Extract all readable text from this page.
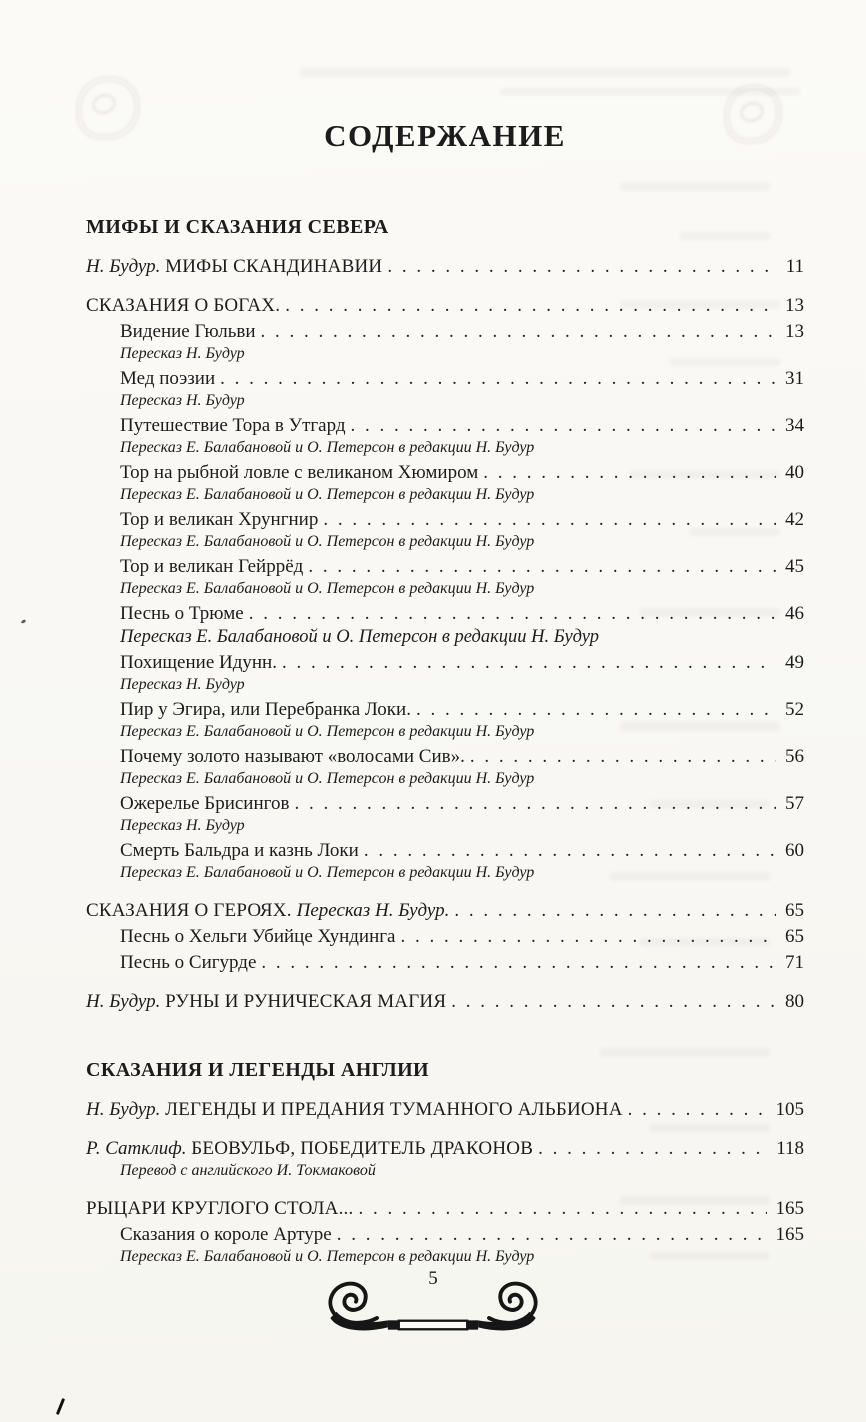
СОДЕРЖАНИЕ
МИФЫ И СКАЗАНИЯ СЕВЕРА
Н. Будур. МИФЫ СКАНДИНАВИИ . . .	11
СКАЗАНИЯ О БОГАХ. . . .	13
Видение Гюльви . . .	13
Пересказ Н. Будур
Мед поэзии . . .	31
Пересказ Н. Будур
Путешествие Тора в Утгард . . .	34
Пересказ Е. Балабановой и О. Петерсон в редакции Н. Будур
Тор на рыбной ловле с великаном Хюмиром . . .	40
Пересказ Е. Балабановой и О. Петерсон в редакции Н. Будур
Тор и великан Хрунгнир . . .	42
Пересказ Е. Балабановой и О. Петерсон в редакции Н. Будур
Тор и великан Гейррёд . . .	45
Пересказ Е. Балабановой и О. Петерсон в редакции Н. Будур
Песнь о Трюме . . .	46
Пересказ Е. Балабановой и О. Петерсон в редакции Н. Будур
Похищение Идунн. . . .	49
Пересказ Н. Будур
Пир у Эгира, или Перебранка Локи. . . .	52
Пересказ Е. Балабановой и О. Петерсон в редакции Н. Будур
Почему золото называют «волосами Сив». . . .	56
Пересказ Е. Балабановой и О. Петерсон в редакции Н. Будур
Ожерелье Брисингов . . .	57
Пересказ Н. Будур
Смерть Бальдра и казнь Локи . . .	60
Пересказ Е. Балабановой и О. Петерсон в редакции Н. Будур
СКАЗАНИЯ О ГЕРОЯХ. Пересказ Н. Будур. . . .	65
Песнь о Хельги Убийце Хундинга . . .	65
Песнь о Сигурде . . .	71
Н. Будур. РУНЫ И РУНИЧЕСКАЯ МАГИЯ . . .	80
СКАЗАНИЯ И ЛЕГЕНДЫ АНГЛИИ
Н. Будур. ЛЕГЕНДЫ И ПРЕДАНИЯ ТУМАННОГО АЛЬБИОНА . . .	105
Р. Сатклиф. БЕОВУЛЬФ, ПОБЕДИТЕЛЬ ДРАКОНОВ . . .	118
Перевод с английского И. Токмаковой
РЫЦАРИ КРУГЛОГО СТОЛА... . . .	165
Сказания о короле Артуре . . .	165
Пересказ Е. Балабановой и О. Петерсон в редакции Н. Будур
5
